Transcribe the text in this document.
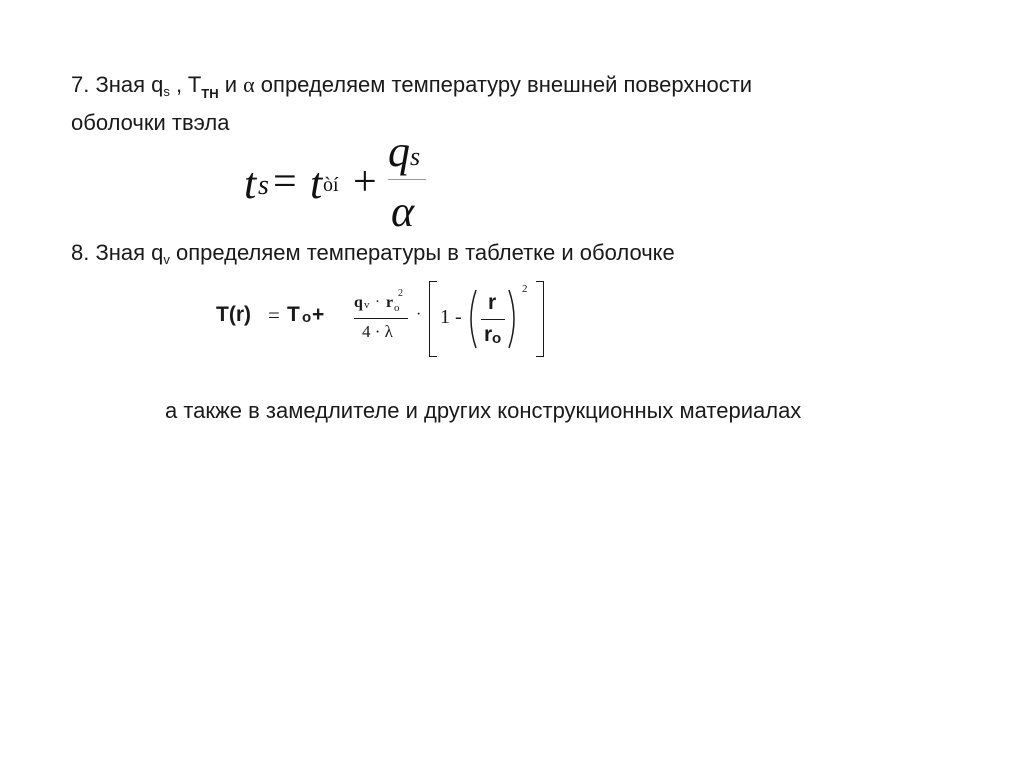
7. Зная qs , $T_{ТН}$ и α определяем температуру внешней поверхности
оболочки твэла
t s = t òí +
q s
α
8. Зная qv определяем температуры в таблетке и оболочке
T(r) = T o +
q v · r o
2
4 · λ
· 1 -
r
r o
2
а также в замедлителе и других конструкционных материалах
